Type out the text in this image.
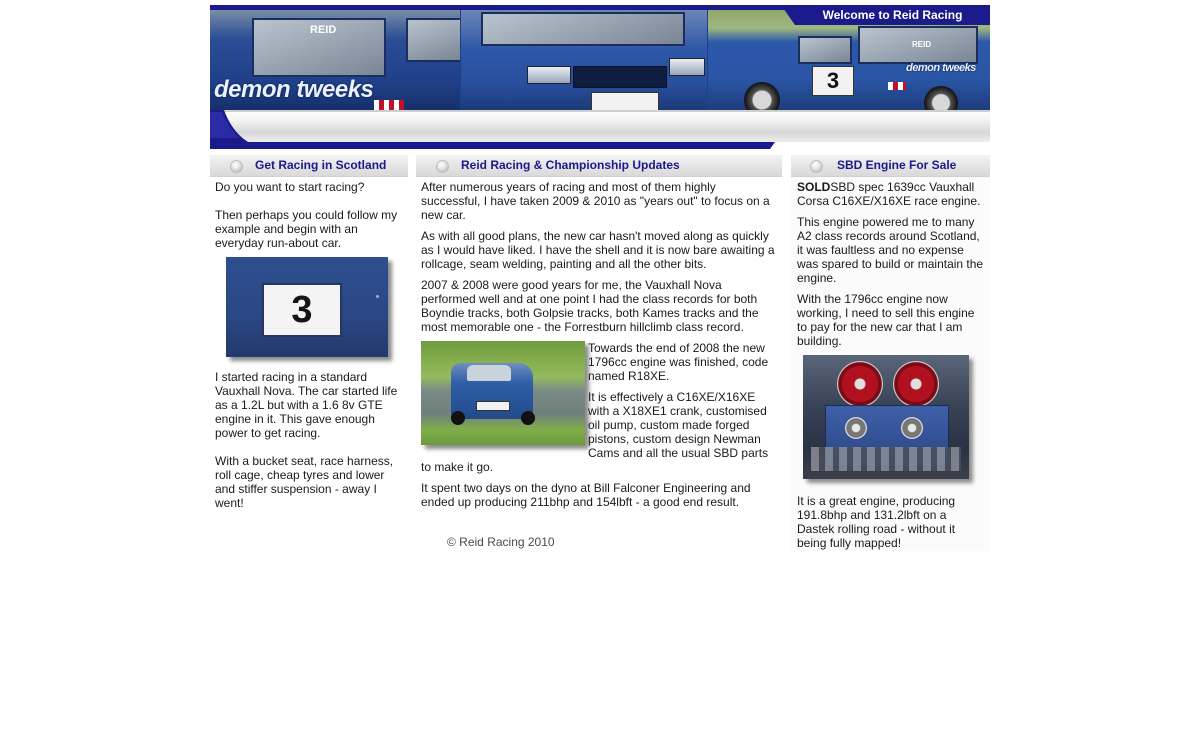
REID
demon tweeks
REID
3	demon tweeks
Welcome to Reid Racing
Get Racing in Scotland
Do you want to start racing?
Then perhaps you could follow my
example and begin with an
everyday run-about car.
3
I started racing in a standard
Vauxhall Nova. The car started life
as a 1.2L but with a 1.6 8v GTE
engine in it. This gave enough
power to get racing.
With a bucket seat, race harness,
roll cage, cheap tyres and lower
and stiffer suspension - away I
went!
Reid Racing & Championship Updates
After numerous years of racing and most of them highly
successful, I have taken 2009 & 2010 as "years out" to focus on a
new car.
As with all good plans, the new car hasn't moved along as quickly
as I would have liked. I have the shell and it is now bare awaiting a
rollcage, seam welding, painting and all the other bits.
2007 & 2008 were good years for me, the Vauxhall Nova
performed well and at one point I had the class records for both
Boyndie tracks, both Golpsie tracks, both Kames tracks and the
most memorable one - the Forrestburn hillclimb class record.
Towards the end of 2008 the new
1796cc engine was finished, code
named R18XE.
It is effectively a C16XE/X16XE
with a X18XE1 crank, customised
oil pump, custom made forged
pistons, custom design Newman
Cams and all the usual SBD parts
to make it go.
It spent two days on the dyno at Bill Falconer Engineering and
ended up producing 211bhp and 154lbft - a good end result.
SBD Engine For Sale
SOLDSBD spec 1639cc Vauxhall
Corsa C16XE/X16XE race engine.
This engine powered me to many
A2 class records around Scotland,
it was faultless and no expense
was spared to build or maintain the
engine.
With the 1796cc engine now
working, I need to sell this engine
to pay for the new car that I am
building.
It is a great engine, producing
191.8bhp and 131.2lbft on a
Dastek rolling road - without it
being fully mapped!
© Reid Racing 2010
